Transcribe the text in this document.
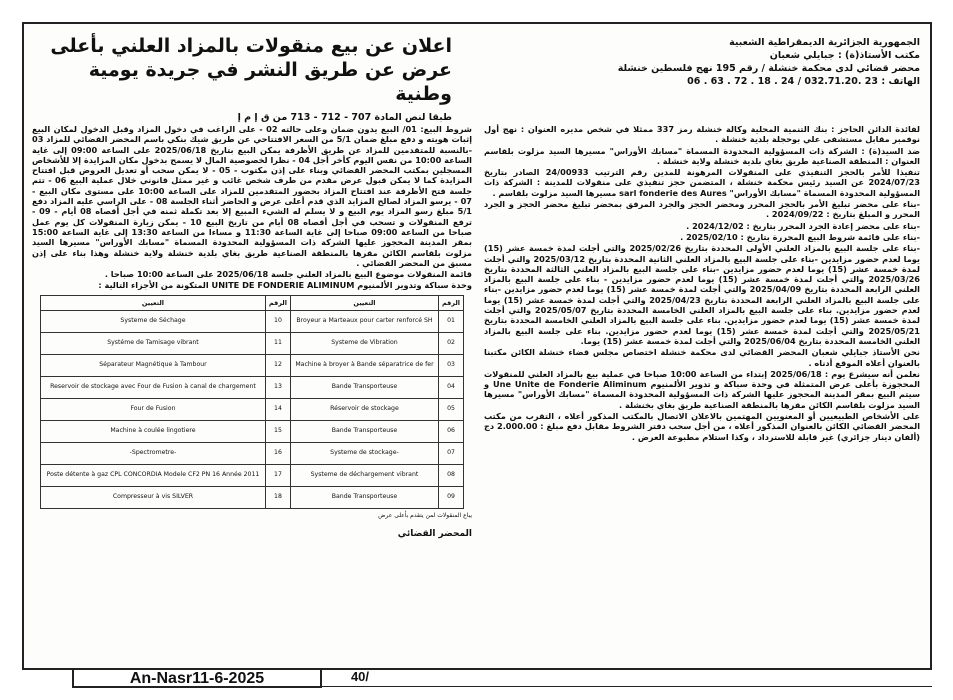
اعلان عن بيع منقولات بالمزاد العلني بأعلى عرض عن طريق النشر في جريدة يومية وطنية
طبقا لنص المادة 707 - 712 - 713 من ق إ م إ
الجمهورية الجزائرية الديمقراطية الشعبية
مكتب الأستاذ(ة) : جبايلي شعبان
محضر قضائي لدى محكمة خنشلة / رقم 195 نهج فلسطين خنشلة
الهاتف : 23 .032.71.20 / 24 . 18 . 72 . 63 . 06

لفائدة الدائن الحاجز : بنك التنمية المحلية وكالة خنشلة رمز 337 ممثلا في شخص مديره العنوان : نهج أول نوفمبر مقابل مستشفى علي بوحجلة بلدية خنشلة .

ضد السيد(ة) : الشركة ذات المسؤولية المحدودة المسماة "مسابك الأوراس" مسيرها السيد مزلوت بلقاسم العنوان : المنطقة الصناعية طريق بغاي بلدية خنشلة ولاية خنشلة .

تنفيذا للأمر بالحجز التنفيذي على المنقولات المرهونة للمدين رقم الترتيب 24/00933 الصادر بتاريخ 2024/07/23 عن السيد رئيس محكمة خنشلة ، المتضمن حجز تنفيذي على منقولات للمدينة : الشركة ذات المسؤولية المحدودة المسماة "مسابك الأوراس" sarl fonderie des Aures مسيرها السيد مزلوت بلقاسم .

-بناء على محضر تبليغ الأمر بالحجز المحرر ومحضر الحجز والجرد المرفق بمحضر تبليغ محضر الحجز و الجرد المحرر و المبلغ بتاريخ : 2024/09/22 .

-بناء على محضر إعادة الجرد المحرر بتاريخ : 2024/12/02 .

-بناء على قائمة شروط البيع المحررة بتاريخ : 2025/02/10 .

-بناء على جلسة البيع بالمزاد العلني الأولى المحددة بتاريخ 2025/02/26 والتي أجلت لمدة خمسة عشر (15) يوما لعدم حضور مزايدين -بناء على جلسة البيع بالمزاد العلني الثانية المحددة بتاريخ 2025/03/12 والتي أجلت لمدة خمسة عشر (15) يوما لعدم حضور مزايدين -بناء على جلسة البيع بالمزاد العلني الثالثة المحددة بتاريخ 2025/03/26 والتي أجلت لمدة خمسة عشر (15) يوما لعدم حضور مزايدين - بناء على جلسة البيع بالمزاد العلني الرابعة المحددة بتاريخ 2025/04/09 والتي أجلت لمدة خمسة عشر (15) يوما لعدم حضور مزايدين -بناء على جلسة البيع بالمزاد العلني الرابعة المحددة بتاريخ 2025/04/23 والتي أجلت لمدة خمسة عشر (15) يوما لعدم حضور مزايدين. بناء على جلسة البيع بالمزاد العلني الخامسة المحددة بتاريخ 2025/05/07 والتي أجلت لمدة خمسة عشر (15) يوما لعدم حضور مزايدين. بناء على جلسة البيع بالمزاد العلني الخامسة المحددة بتاريخ 2025/05/21 والتي أجلت لمدة خمسة عشر (15) يوما لعدم حضور مزايدين. بناء على جلسة البيع بالمزاد العلني الخامسة المحددة بتاريخ 2025/06/04 والتي أجلت لمدة خمسة عشر (15) يوما.

نحن الأستاذ جبايلي شعبان المحضر القضائي لدى محكمة خنشلة اختصاص مجلس قضاء خنشلة الكائن مكتبنا بالعنوان أعلاه الموقع أدناه .

نعلمن أنه سيشرع يوم : 2025/06/18 إبتداء من الساعة 10:00 صباحا في عملية بيع بالمزاد العلني للمنقولات المحجوزة بأعلى عرض المتمثلة في وحدة سباكة و تدوير الألمنيوم Une Unite de Fonderie Aliminum و سيتم البيع بمقر المدينة المحجوز عليها الشركة ذات المسؤولية المحدودة المسماة "مسابك الأوراس" مسيرها السيد مزلوت بلقاسم الكائن مقرها بالمنطقة الصناعية طريق بغاي بخنشلة .

على الأشخاص الطبيعيين أو المعنويين المهتمين بالاعلان الاتصال بالمكتب المذكور أعلاه ، التقرب من مكتب المحضر القضائي الكائن بالعنوان المذكور أعلاه ، من أجل سحب دفتر الشروط مقابل دفع مبلغ : 2.000.00 دج (ألفان دينار جزائري) غير قابلة للاسترداد ، وكذا استلام مطبوعة العرض .

شروط البيع: 01/ البيع يدون ضمان وعلى حالته 02 - على الراغب في دخول المزاد وقبل الدخول لمكان البيع إثبات هويته و دفع مبلغ ضمان 5/1 من السعر الافتتاحي عن طريق شيك بنكي باسم المحضر القضائي للمزاد 03 -بالنسبة للمتقدمين للمزاد عن طريق الأظرفة يمكن البيع بتاريخ 2025/06/18 على الساعة 09:00 إلى غاية الساعة 10:00 من نفس اليوم كأخر أجل 04 - نظرا لخصوصية المال لا يسمح بدخول مكان المزايدة إلا للأشخاص المسجلين بمكتب المحضر القضائي وبناء على إذن مكتوب - 05 - لا يمكن سحب أو تعديل العروض قبل افتتاح المزايدة كما لا يمكن قبول عرض مقدم من طرف شخص غائب و غير ممثل قانوني خلال عملية البيع 06 - تتم جلسة فتح الأظرفة عند افتتاح المزاد بحضور المتقدمين للمزاد على الساعة 10:00 على مستوى مكان البيع - 07 - يرسو المزاد لصالح المزايد الذي قدم أعلى عرض و الحاضر أثناء الجلسة 08 - على الراسي عليه المزاد دفع 5/1 مبلغ رسو المزاد يوم البيع و لا يسلم له الشيء المبيع إلا بعد تكملة ثمنه في أجل أقصاه 08 أيام - 09 - ترفع المنقولات و تسحب في أجل أقصاه 08 أيام من تاريخ البيع 10 - يمكن زيارة المنقولات كل يوم عمل صباحا من الساعة 09:00 صباحا إلى غاية الساعة 11:30 و مساءا من الساعة 13:30 إلى غاية الساعة 15:00 بمقر المدينة المحجوز عليها الشركة ذات المسؤولية المحدودة المسماة "مسابك الأوراس" مسيرها السيد مزلوت بلقاسم الكائن مقرها بالمنطقة الصناعية طريق بغاي بلدية خنشلة ولاية خنشلة وهذا بناء على إذن مسبق من المحضر القضائي .

قائمة المنقولات موضوع البيع بالمزاد العلني جلسة 2025/06/18 على الساعة 10:00 صباحا .

وحدة سباكة وتدوير الألمنيوم UNITE DE FONDERIE ALIMINUM المتكونة من الأجزاء التالية :

الرقم	التعيين	الرقم	التعيين
01	Broyeur a Marteaux pour carter renforcé SH	10	Systeme de Séchage
02	Systeme de Vibration	11	Systéme de Tamisage vibrant
03	Machine à broyer à Bande séparatrice de fer	12	Séparateur Magnétique à Tambour
04	Bande Transporteuse	13	Reservoir de stockage avec Four de Fusion à canal de chargement
05	Réservoir de stockage	14	Four de Fusion
06	Bande Transporteuse	15	Machine à coulée lingotiere
07	-Systeme de stockage	16	-Spectrometre-
08	Systeme de déchargement vibrant	17	Poste détente à gaz CPL CONCORDIA Modele CF2 PN 16 Année 2011
09	Bande Transporteuse	18	Compresseur à vis SILVER
يباع المنقولات لمن يتقدم بأعلى عرض
المحضر القضائي
An-Nasr11-6-2025	40/
